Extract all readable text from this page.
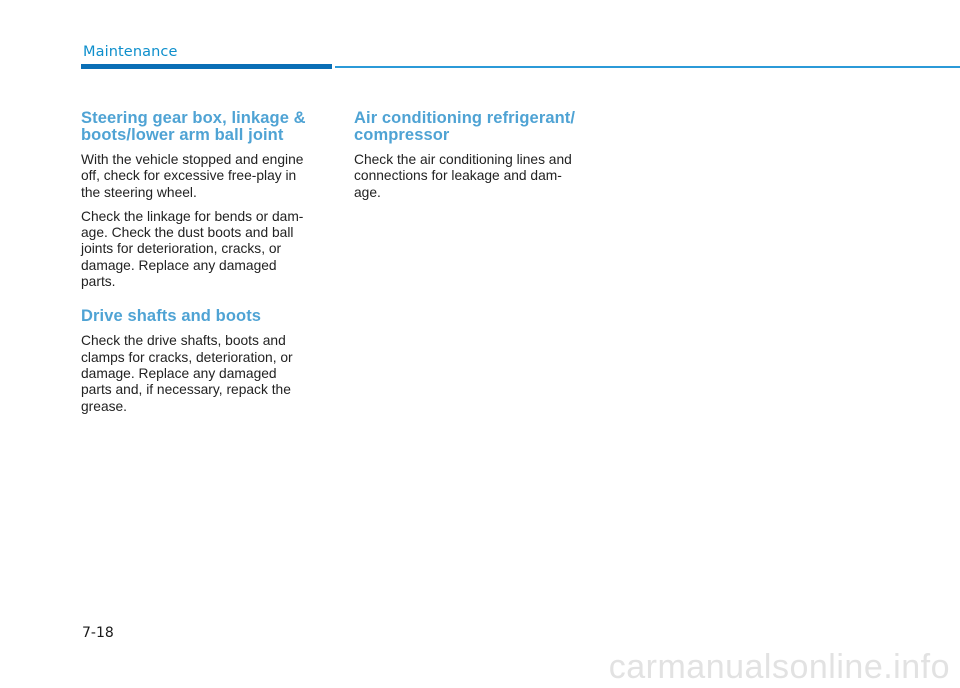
Maintenance
Steering gear box, linkage &
boots/lower arm ball joint

With the vehicle stopped and engine
off, check for excessive free-play in
the steering wheel.

Check the linkage for bends or dam-
age. Check the dust boots and ball
joints for deterioration, cracks, or
damage. Replace any damaged
parts.

Drive shafts and boots

Check the drive shafts, boots and
clamps for cracks, deterioration, or
damage. Replace any damaged
parts and, if necessary, repack the
grease.

Air conditioning refrigerant/
compressor

Check the air conditioning lines and
connections for leakage and dam-
age.

7-18
carmanualsonline.info
